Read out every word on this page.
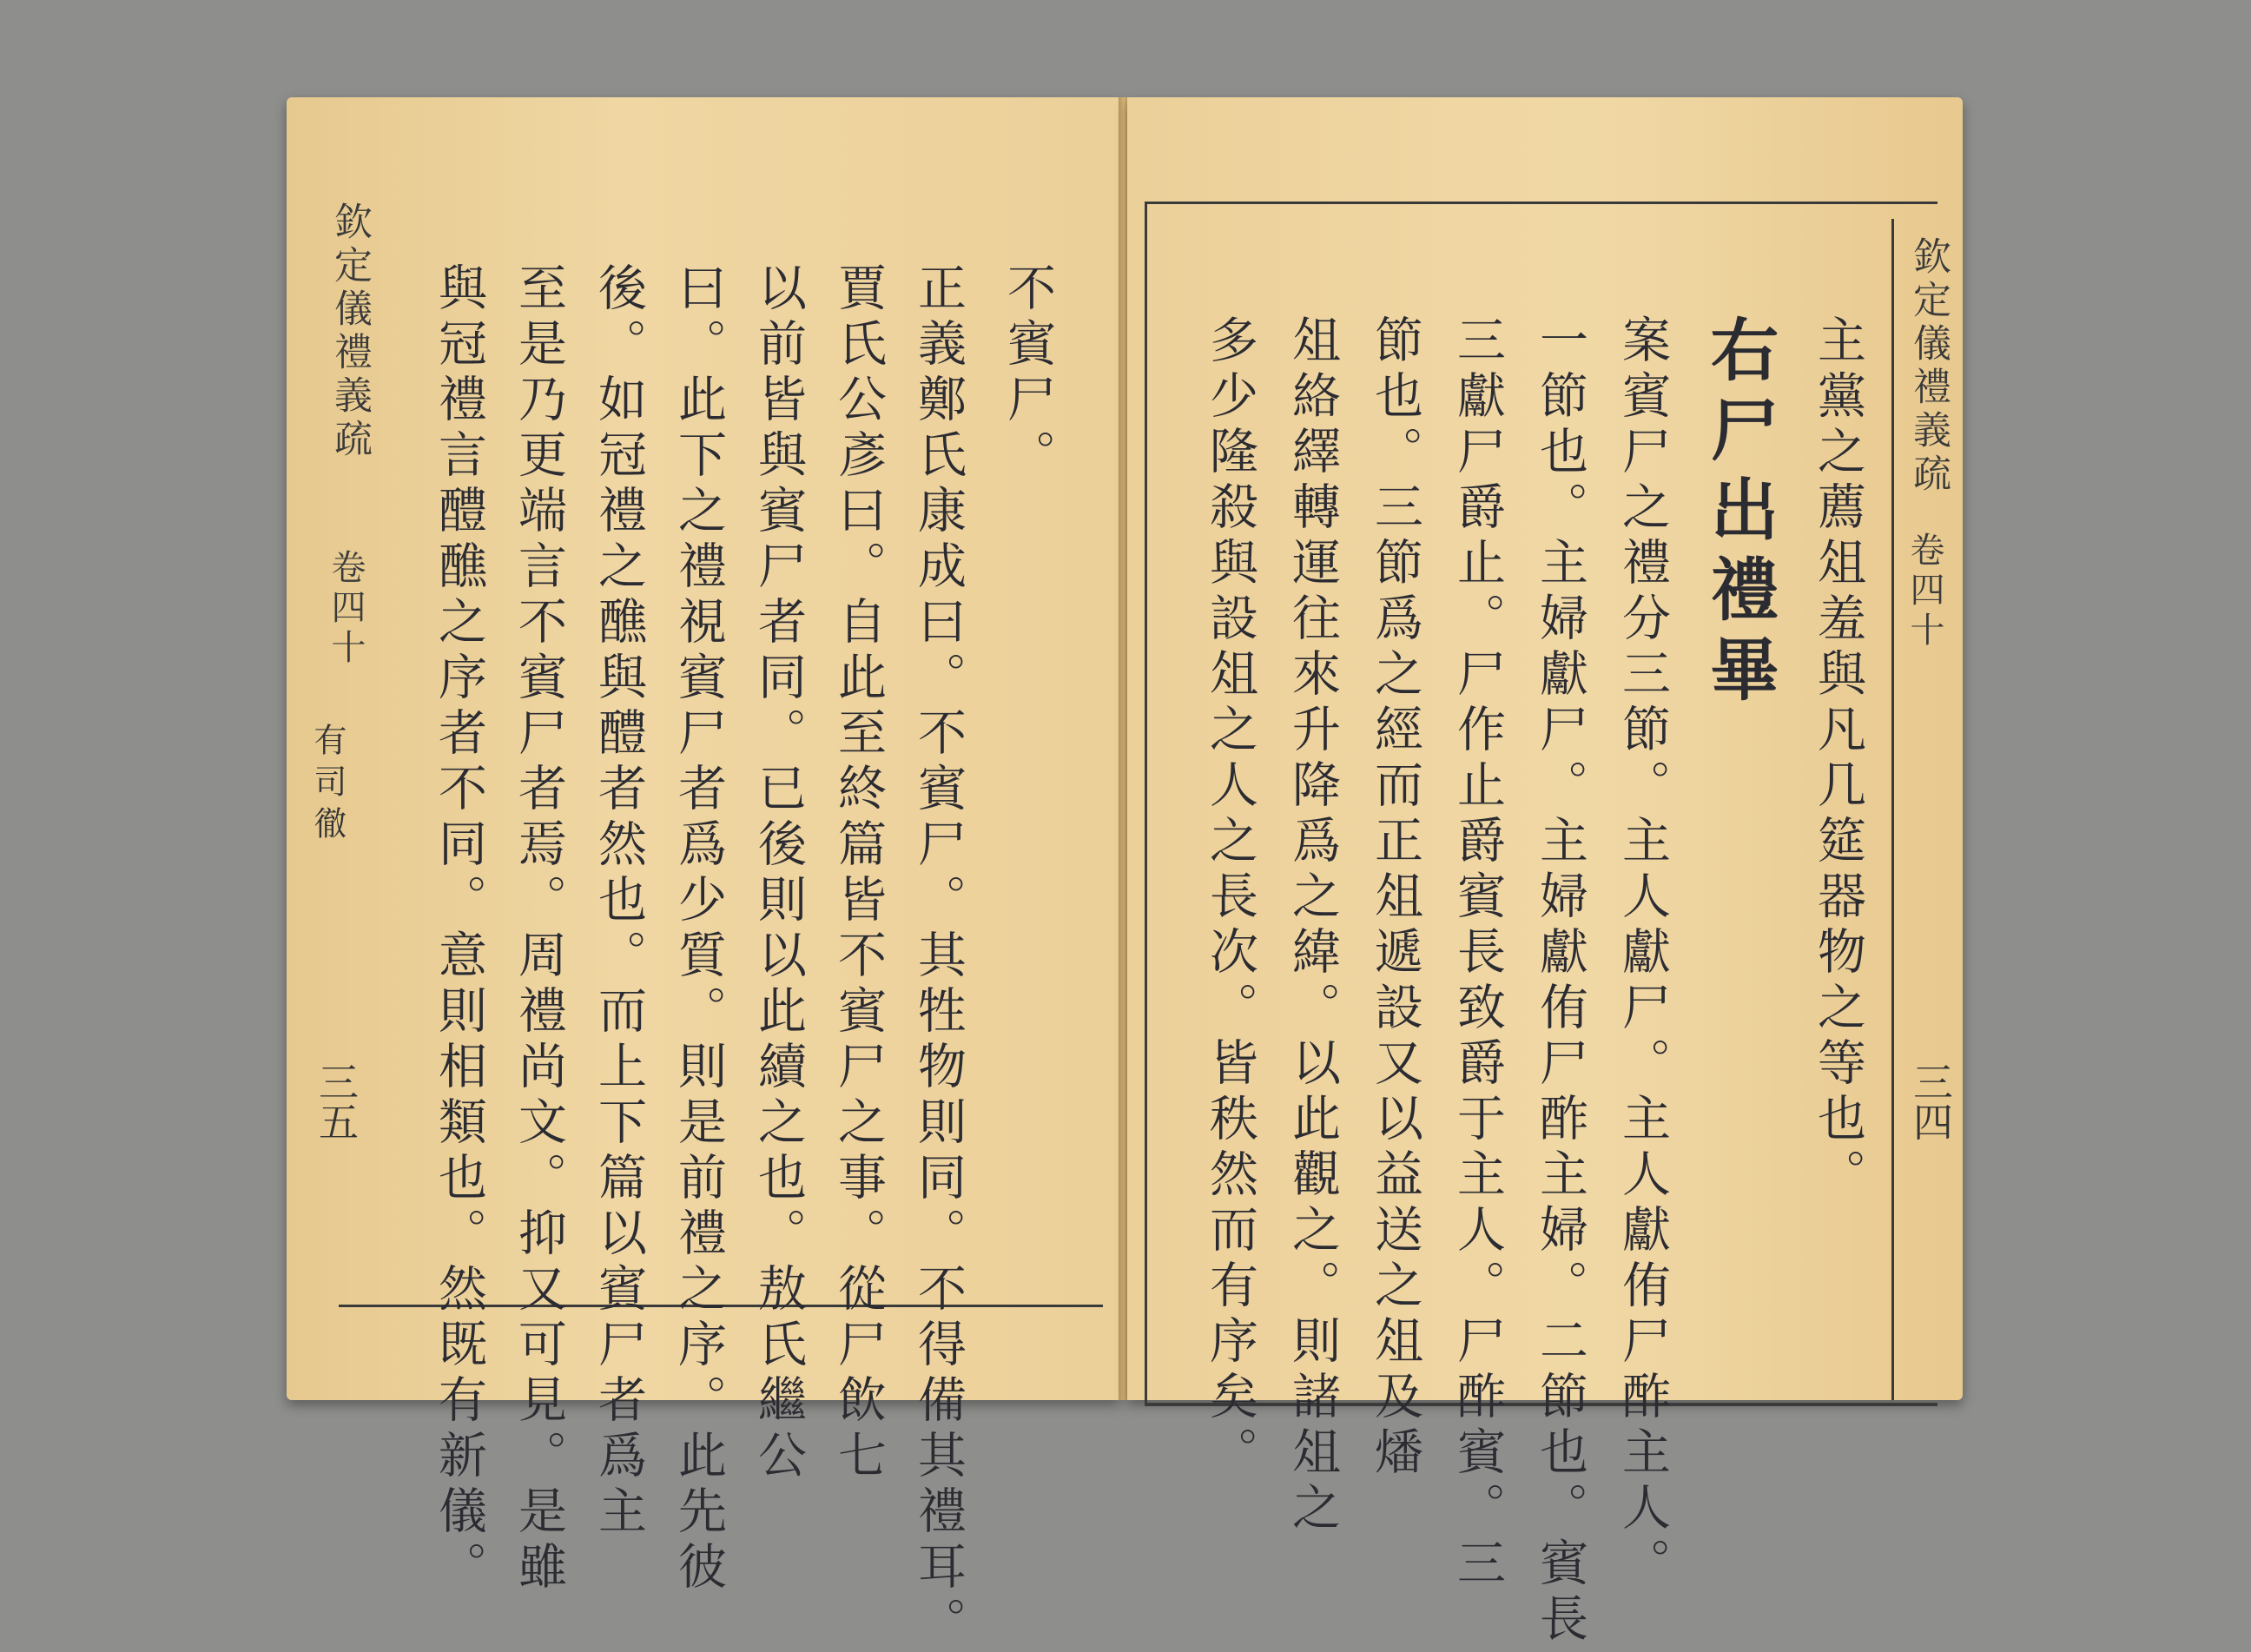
欽定儀禮義疏
卷四十
有司徹
三五
不賓尸。
正義鄭氏康成曰。不賓尸。其牲物則同。不得備其禮耳。
賈氏公彥曰。自此至終篇皆不賓尸之事。從尸飲七
以前皆與賓尸者同。已後則以此續之也。敖氏繼公
曰。此下之禮視賓尸者爲少質。則是前禮之序。此先彼
後。如冠禮之醮與醴者然也。而上下篇以賓尸者爲主
至是乃更端言不賓尸者焉。周禮尚文。抑又可見。是雖
與冠禮言醴醮之序者不同。意則相類也。然既有新儀。	欽定儀禮義疏
卷四十
三四
主黨之薦俎羞與凡几筵器物之等也。
右尸出禮畢
案賓尸之禮分三節。主人獻尸。主人獻侑尸酢主人。
一節也。主婦獻尸。主婦獻侑尸酢主婦。二節也。賓長
三獻尸爵止。尸作止爵賓長致爵于主人。尸酢賓。三
節也。三節爲之經而正俎遞設又以益送之俎及燔
俎絡繹轉運往來升降爲之緯。以此觀之。則諸俎之
多少隆殺與設俎之人之長次。皆秩然而有序矣。
